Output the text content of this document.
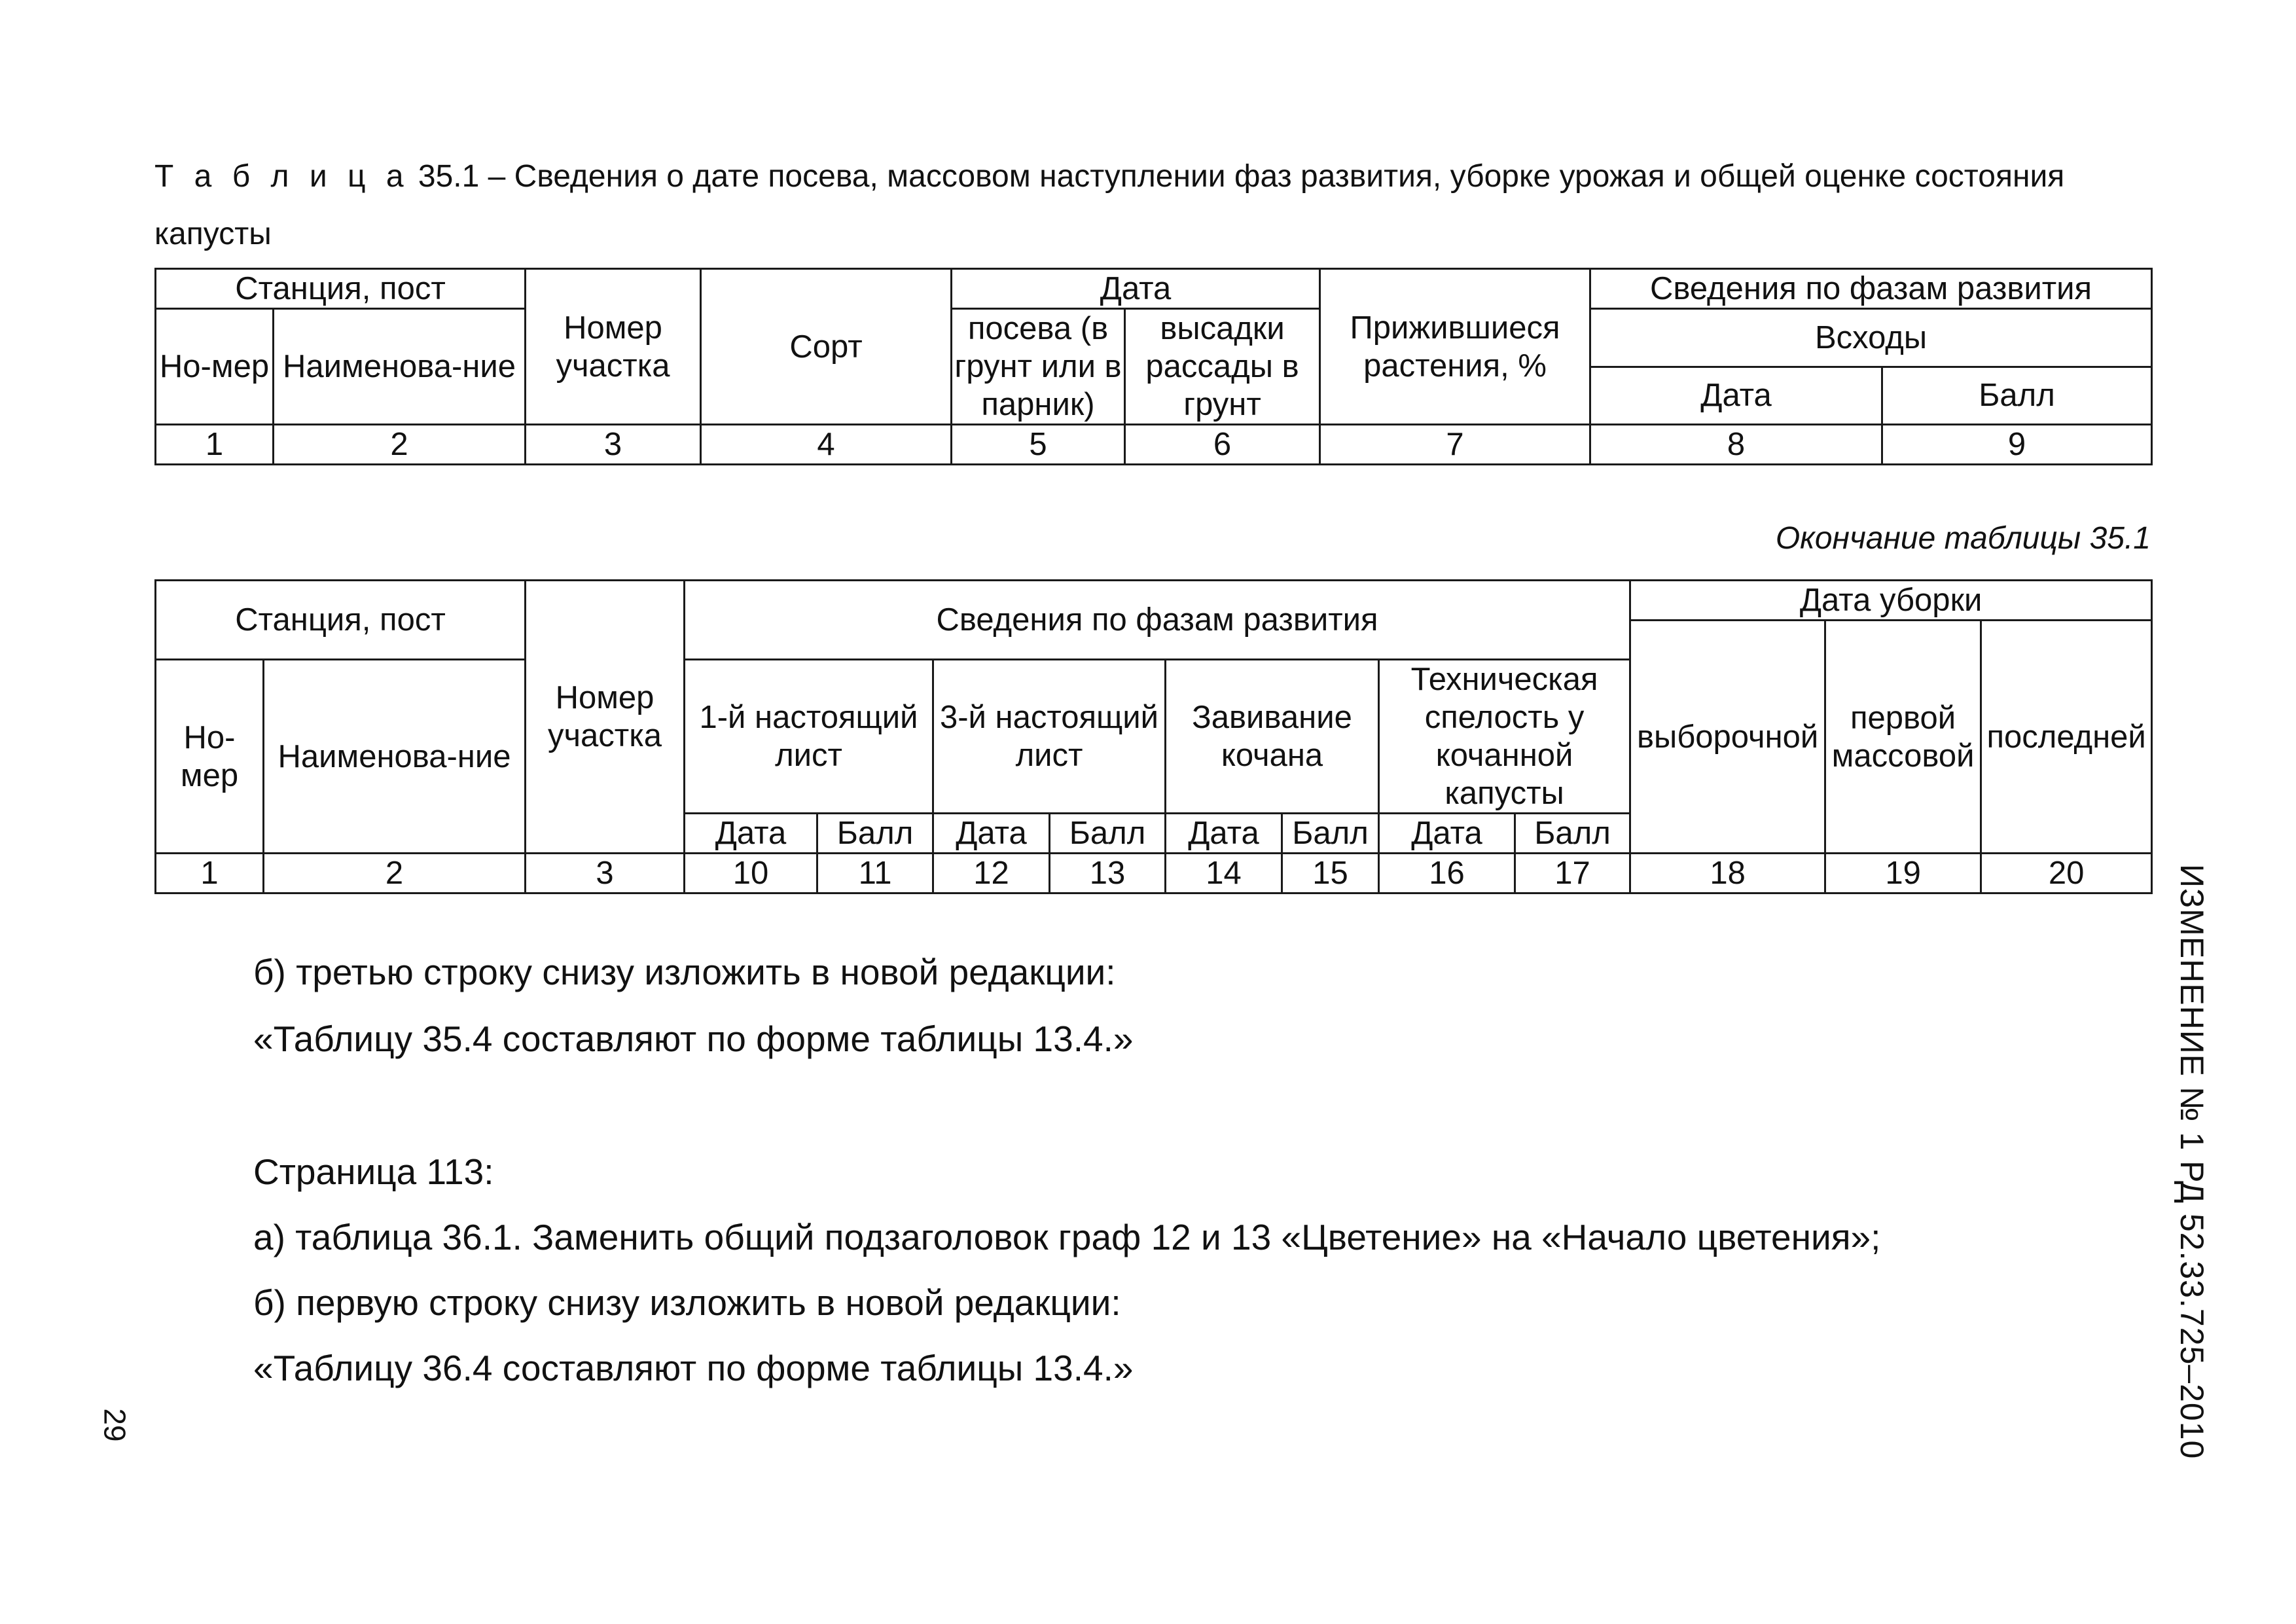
Т а б л и ц а 35.1 – Сведения о дате посева, массовом наступлении фаз развития, уборке урожая и общей оценке состояния капусты
Станция, пост		Номер участка	Сорт	Дата		Прижившиеся растения, %	Сведения по фазам развития	
Но-мер	Наименова-ние			посева (в грунт или в парник)	высадки рассады в грунт		Всходы	
							Дата	Балл
1	2	3	4	5	6	7	8	9
Окончание таблицы 35.1
Станция, пост		Номер участка	Сведения по фазам развития								Дата уборки		
											выборочной	первой массовой	последней
Но-мер	Наименова-ние		1-й настоящий лист		3-й настоящий лист		Завивание кочана		Техническая спелость у кочанной капусты				
			Дата	Балл	Дата	Балл	Дата	Балл	Дата	Балл			
1	2	3	10	11	12	13	14	15	16	17	18	19	20
б) третью строку снизу изложить в новой редакции:
«Таблицу 35.4 составляют по форме таблицы 13.4.»
Страница 113:
а) таблица 36.1. Заменить общий подзаголовок граф 12 и 13 «Цветение» на «Начало цветения»;
б) первую строку снизу изложить в новой редакции:
«Таблицу 36.4 составляют по форме таблицы 13.4.»	ИЗМЕНЕНИЕ № 1 РД 52.33.725–2010
29
